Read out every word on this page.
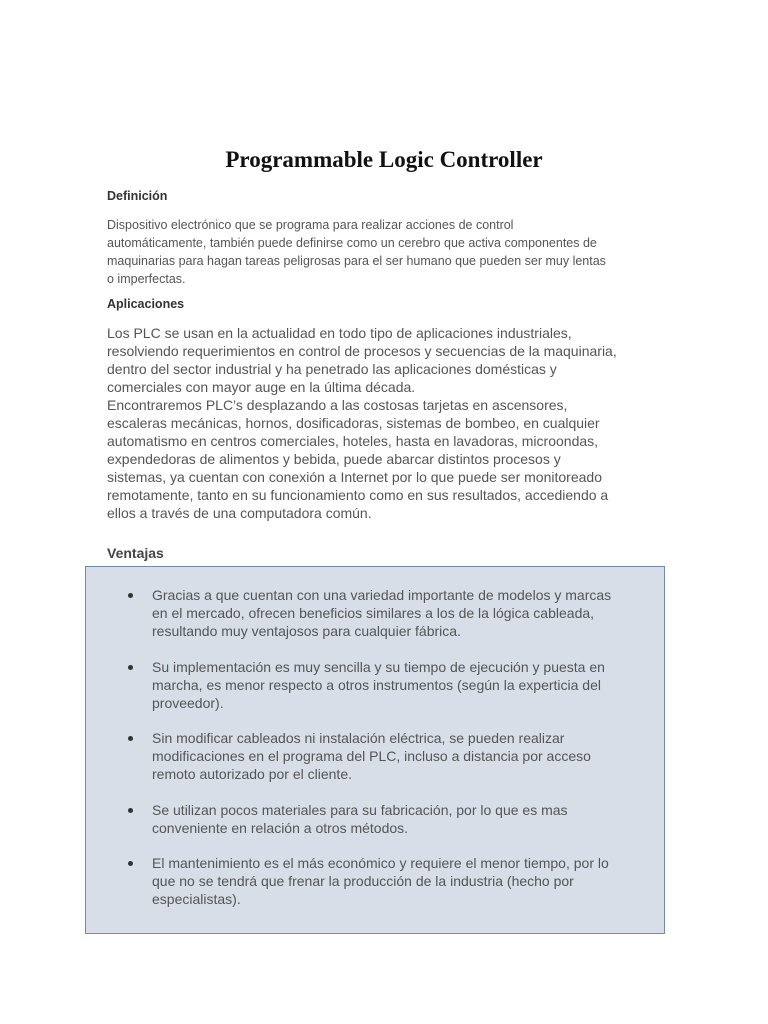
Programmable Logic Controller
Definición
Dispositivo electrónico que se programa para realizar acciones de control
automáticamente, también puede definirse como un cerebro que activa componentes de
maquinarias para hagan tareas peligrosas para el ser humano que pueden ser muy lentas
o imperfectas.
Aplicaciones
Los PLC se usan en la actualidad en todo tipo de aplicaciones industriales,
resolviendo requerimientos en control de procesos y secuencias de la maquinaria,
dentro del sector industrial y ha penetrado las aplicaciones domésticas y
comerciales con mayor auge en la última década.
Encontraremos PLC’s desplazando a las costosas tarjetas en ascensores,
escaleras mecánicas, hornos, dosificadoras, sistemas de bombeo, en cualquier
automatismo en centros comerciales, hoteles, hasta en lavadoras, microondas,
expendedoras de alimentos y bebida, puede abarcar distintos procesos y
sistemas, ya cuentan con conexión a Internet por lo que puede ser monitoreado
remotamente, tanto en su funcionamiento como en sus resultados, accediendo a
ellos a través de una computadora común.
Ventajas
Gracias a que cuentan con una variedad importante de modelos y marcas
en el mercado, ofrecen beneficios similares a los de la lógica cableada,
resultando muy ventajosos para cualquier fábrica.
Su implementación es muy sencilla y su tiempo de ejecución y puesta en
marcha, es menor respecto a otros instrumentos (según la experticia del
proveedor).
Sin modificar cableados ni instalación eléctrica, se pueden realizar
modificaciones en el programa del PLC, incluso a distancia por acceso
remoto autorizado por el cliente.
Se utilizan pocos materiales para su fabricación, por lo que es mas
conveniente en relación a otros métodos.
El mantenimiento es el más económico y requiere el menor tiempo, por lo
que no se tendrá que frenar la producción de la industria (hecho por
especialistas).
